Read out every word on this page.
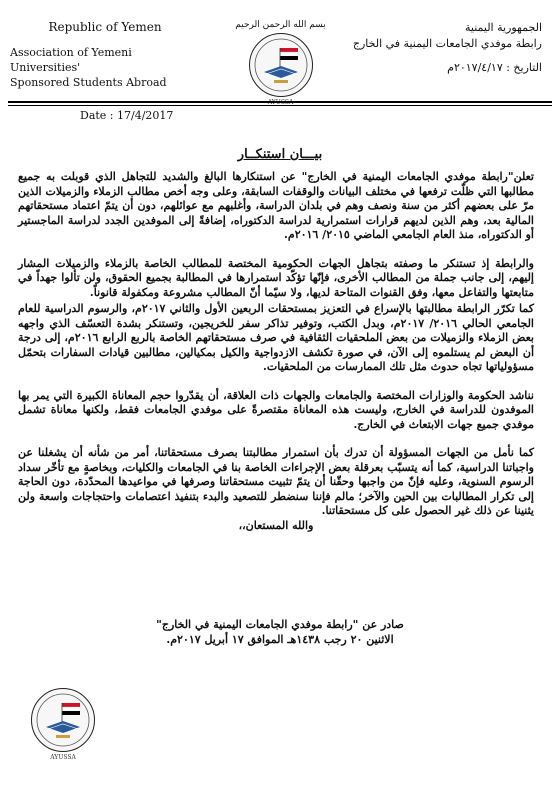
Republic of Yemen
Association of Yemeni Universities'
Sponsored Students Abroad
Date : 17/4/2017
بسم الله الرحمن الرحيم
AYUSSA
الجمهورية اليمنية
رابطة موفدي الجامعات اليمنية في الخارج
التاريخ : ٢٠١٧/٤/١٧م
بيـــان استنكــار

تعلن"رابطة موفدي الجامعات اليمنية في الخارج" عن استنكارها البالغ والشديد للتجاهل الذي قوبلت به جميع مطالبها التي ظلّت ترفعها في مختلف البيانات والوقفات السابقة، وعلى وجه أخص مطالب الزملاء والزميلات الذين مرّ على بعضهم أكثر من سنة ونصف وهم في بلدان الدراسة، وأغلبهم مع عوائلهم، دون أن يتمّ اعتماد مستحقاتهم المالية بعد، وهم الذين لديهم قرارات استمرارية لدراسة الدكتوراه، إضافةً إلى الموفدين الجدد لدراسة الماجستير أو الدكتوراه، منذ العام الجامعي الماضي ٢٠١٥/ ٢٠١٦م.

والرابطة إذ تستنكر ما وصفته بتجاهل الجهات الحكومية المختصة للمطالب الخاصة بالزملاء والزميلات المشار إليهم، إلى جانب جملة من المطالب الأخرى، فإنّها تؤكّد استمرارها في المطالبة بجميع الحقوق، ولن تألوا جهداً في متابعتها والتفاعل معها، وفق القنوات المتاحة لديها، ولا سيّما أنّ المطالب مشروعة ومكفولة قانوناً.

كما تكرّر الرابطة مطالبتها بالإسراع في التعزيز بمستحقات الربعين الأول والثاني ٢٠١٧م، والرسوم الدراسية للعام الجامعي الحالي ٢٠١٦/ ٢٠١٧م، وبدل الكتب، وتوفير تذاكر سفر للخريجين، وتستنكر بشدة التعسّف الذي واجهه بعض الزملاء والزميلات من بعض الملحقيات الثقافية في صرف مستحقاتهم الخاصة بالربع الرابع ٢٠١٦م، إلى درجة أن البعض لم يستلموه إلى الآن، في صورة تكشف الازدواجية والكيل بمكيالين، مطالبين قيادات السفارات بتحمّل مسؤولياتها تجاه حدوث مثل تلك الممارسات من الملحقيات.

نناشد الحكومة والوزارات المختصة والجامعات والجهات ذات العلاقة، أن يقدّروا حجم المعاناة الكبيرة التي يمر بها الموفدون للدراسة في الخارج، وليست هذه المعاناة مقتصرةً على موفدي الجامعات فقط، ولكنها معاناة تشمل موفدي جميع جهات الابتعاث في الخارج.

كما نأمل من الجهات المسؤولة أن تدرك بأن استمرار مطالبتنا بصرف مستحقاتنا، أمر من شأنه أن يشغلنا عن واجباتنا الدراسية، كما أنه يتسبّب بعرقلة بعض الإجراءات الخاصة بنا في الجامعات والكليات، وبخاصةٍ مع تأخّر سداد الرسوم السنوية، وعليه فإنّ من واجبها وحقّنا أن يتمّ تثبيت مستحقاتنا وصرفها في مواعيدها المحدّدة، دون الحاجة إلى تكرار المطالبات بين الحين والآخر؛ مالم فإننا سنضطر للتصعيد والبدء بتنفيذ اعتصامات واحتجاجات واسعة ولن يثنينا عن ذلك غير الحصول على كل مستحقاتنا.

والله المستعان،،
صادر عن "رابطة موفدي الجامعات اليمنية في الخارج"
الاثنين ٢٠ رجب ١٤٣٨هـ الموافق ١٧ أبريل ٢٠١٧م.
AYUSSA
